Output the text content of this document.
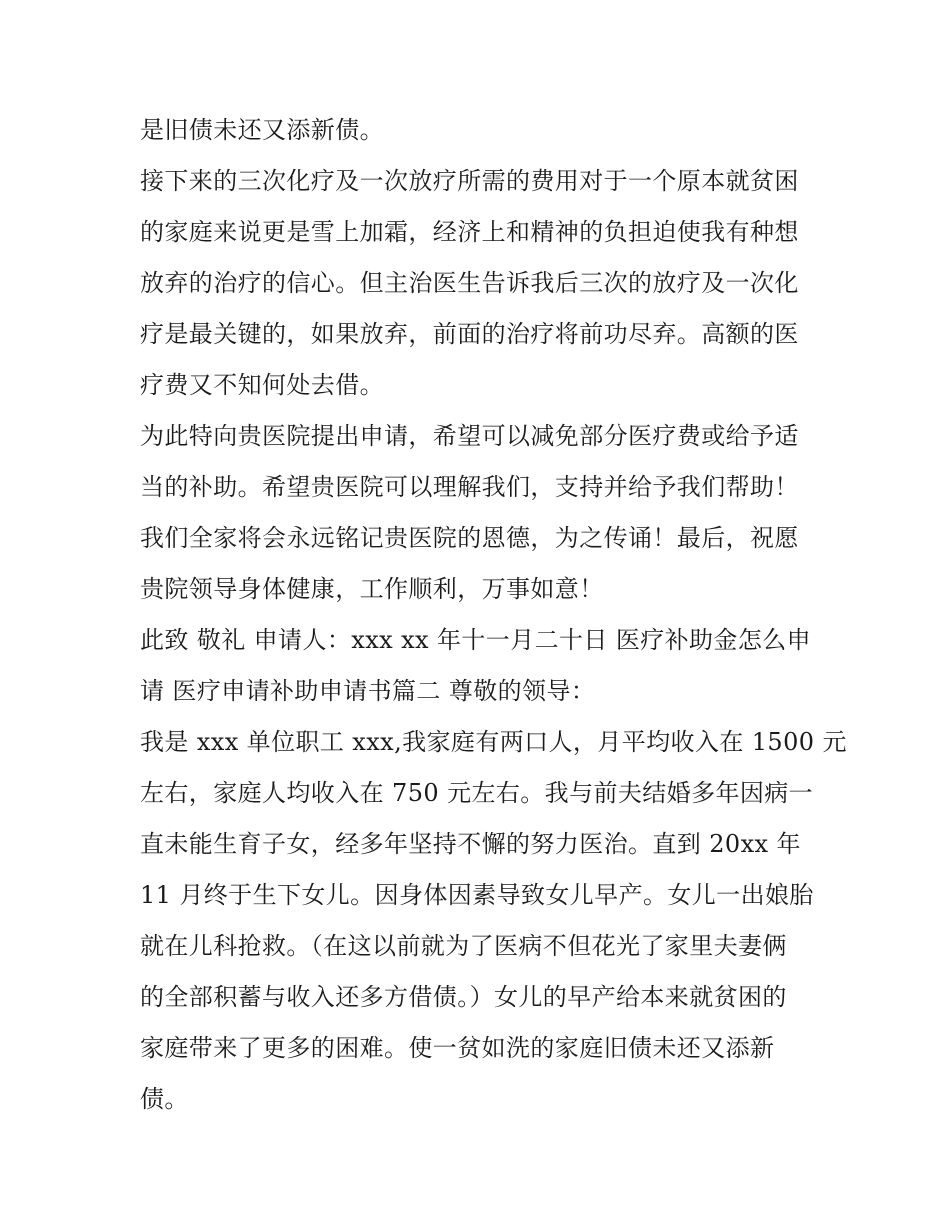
是旧债未还又添新债。
接下来的三次化疗及一次放疗所需的费用对于一个原本就贫困
的家庭来说更是雪上加霜，经济上和精神的负担迫使我有种想
放弃的治疗的信心。但主治医生告诉我后三次的放疗及一次化
疗是最关键的，如果放弃，前面的治疗将前功尽弃。高额的医
疗费又不知何处去借。
为此特向贵医院提出申请，希望可以减免部分医疗费或给予适
当的补助。希望贵医院可以理解我们，支持并给予我们帮助！
我们全家将会永远铭记贵医院的恩德，为之传诵！最后，祝愿
贵院领导身体健康，工作顺利，万事如意！
此致 敬礼 申请人：xxx xx 年十一月二十日 医疗补助金怎么申
请 医疗申请补助申请书篇二 尊敬的领导：
我是 xxx 单位职工 xxx,我家庭有两口人，月平均收入在 1500 元
左右，家庭人均收入在 750 元左右。我与前夫结婚多年因病一
直未能生育子女，经多年坚持不懈的努力医治。直到 20xx 年
11 月终于生下女儿。因身体因素导致女儿早产。女儿一出娘胎
就在儿科抢救。（在这以前就为了医病不但花光了家里夫妻俩
的全部积蓄与收入还多方借债。）女儿的早产给本来就贫困的
家庭带来了更多的困难。使一贫如洗的家庭旧债未还又添新
债。
